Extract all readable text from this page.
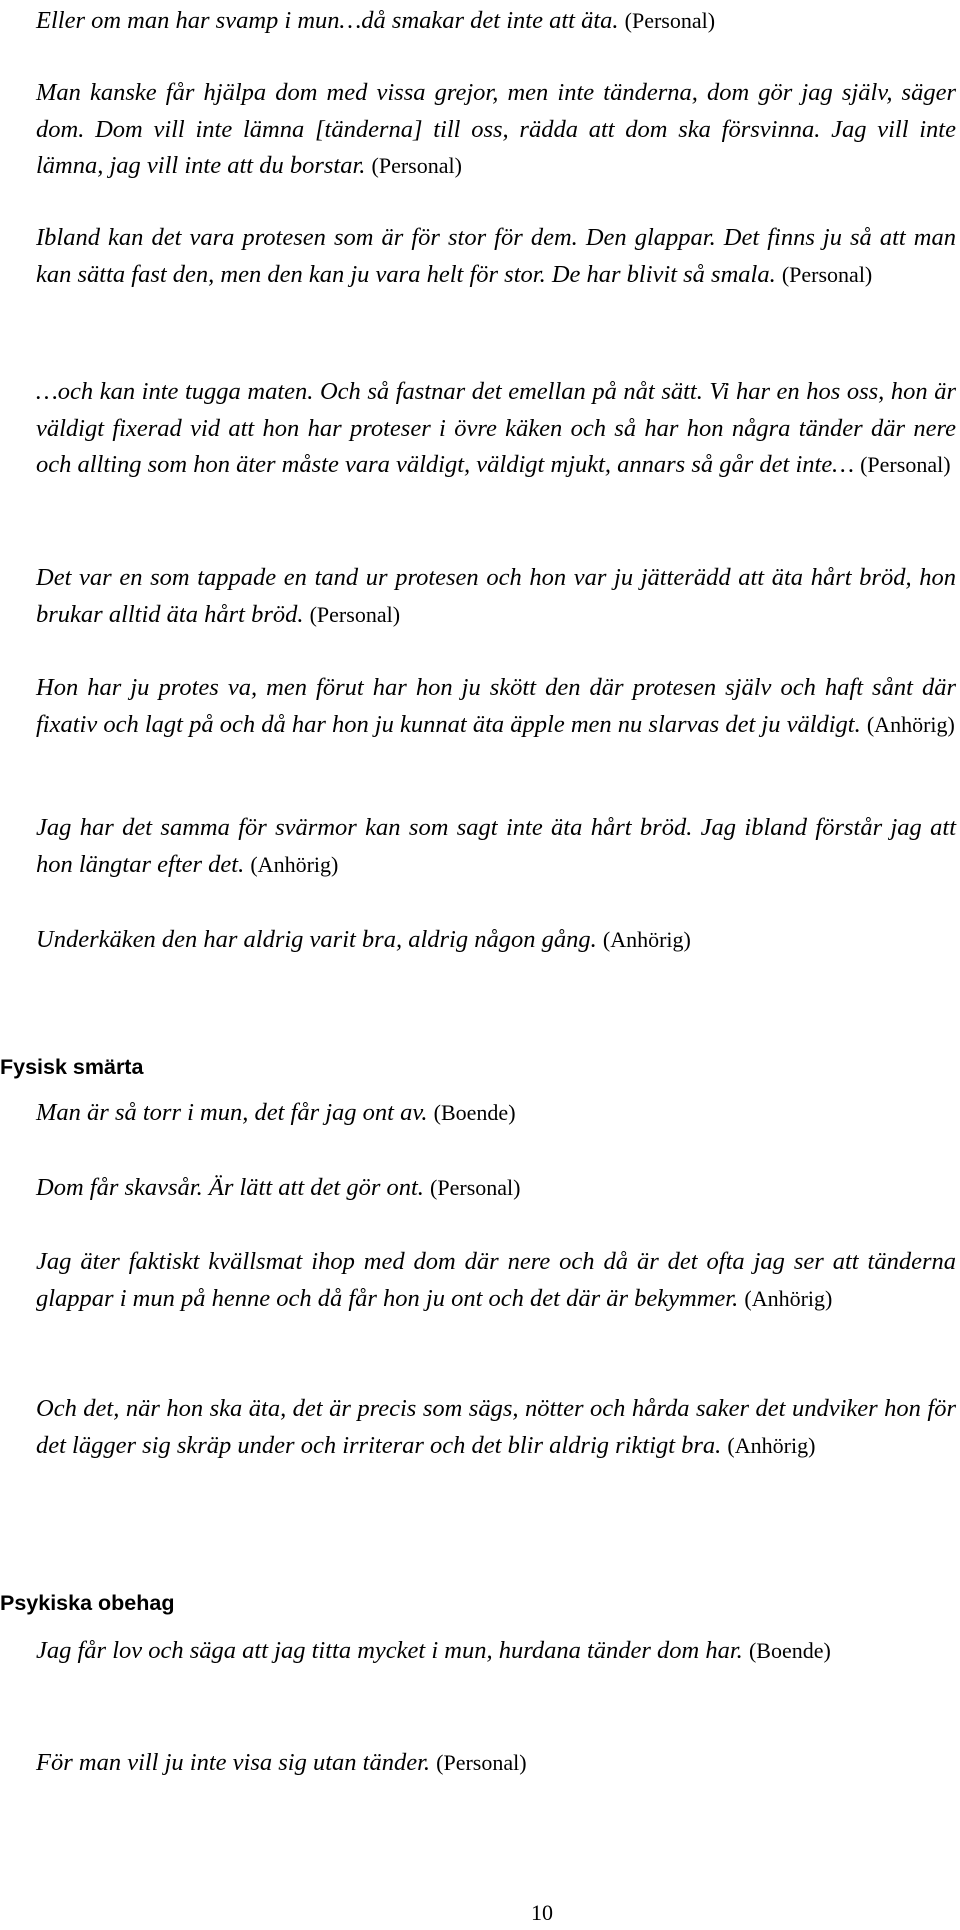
Eller om man har svamp i mun…då smakar det inte att äta. (Personal)

Man kanske får hjälpa dom med vissa grejor, men inte tänderna, dom gör jag själv, säger dom. Dom vill inte lämna [tänderna] till oss, rädda att dom ska försvinna. Jag vill inte lämna, jag vill inte att du borstar. (Personal)

Ibland kan det vara protesen som är för stor för dem. Den glappar. Det finns ju så att man kan sätta fast den, men den kan ju vara helt för stor. De har blivit så smala. (Personal)

…och kan inte tugga maten. Och så fastnar det emellan på nåt sätt. Vi har en hos oss, hon är väldigt fixerad vid att hon har proteser i övre käken och så har hon några tänder där nere och allting som hon äter måste vara väldigt, väldigt mjukt, annars så går det inte… (Personal)

Det var en som tappade en tand ur protesen och hon var ju jätterädd att äta hårt bröd, hon brukar alltid äta hårt bröd. (Personal)

Hon har ju protes va, men förut har hon ju skött den där protesen själv och haft sånt där fixativ och lagt på och då har hon ju kunnat äta äpple men nu slarvas det ju väldigt. (Anhörig)

Jag har det samma för svärmor kan som sagt inte äta hårt bröd. Jag ibland förstår jag att hon längtar efter det. (Anhörig)

Underkäken den har aldrig varit bra, aldrig någon gång. (Anhörig)

Fysisk smärta

Man är så torr i mun, det får jag ont av. (Boende)

Dom får skavsår. Är lätt att det gör ont. (Personal)

Jag äter faktiskt kvällsmat ihop med dom där nere och då är det ofta jag ser att tänderna glappar i mun på henne och då får hon ju ont och det där är bekymmer. (Anhörig)

Och det, när hon ska äta, det är precis som sägs, nötter och hårda saker det undviker hon för det lägger sig skräp under och irriterar och det blir aldrig riktigt bra. (Anhörig)

Psykiska obehag

Jag får lov och säga att jag titta mycket i mun, hurdana tänder dom har. (Boende)

För man vill ju inte visa sig utan tänder. (Personal)

10
